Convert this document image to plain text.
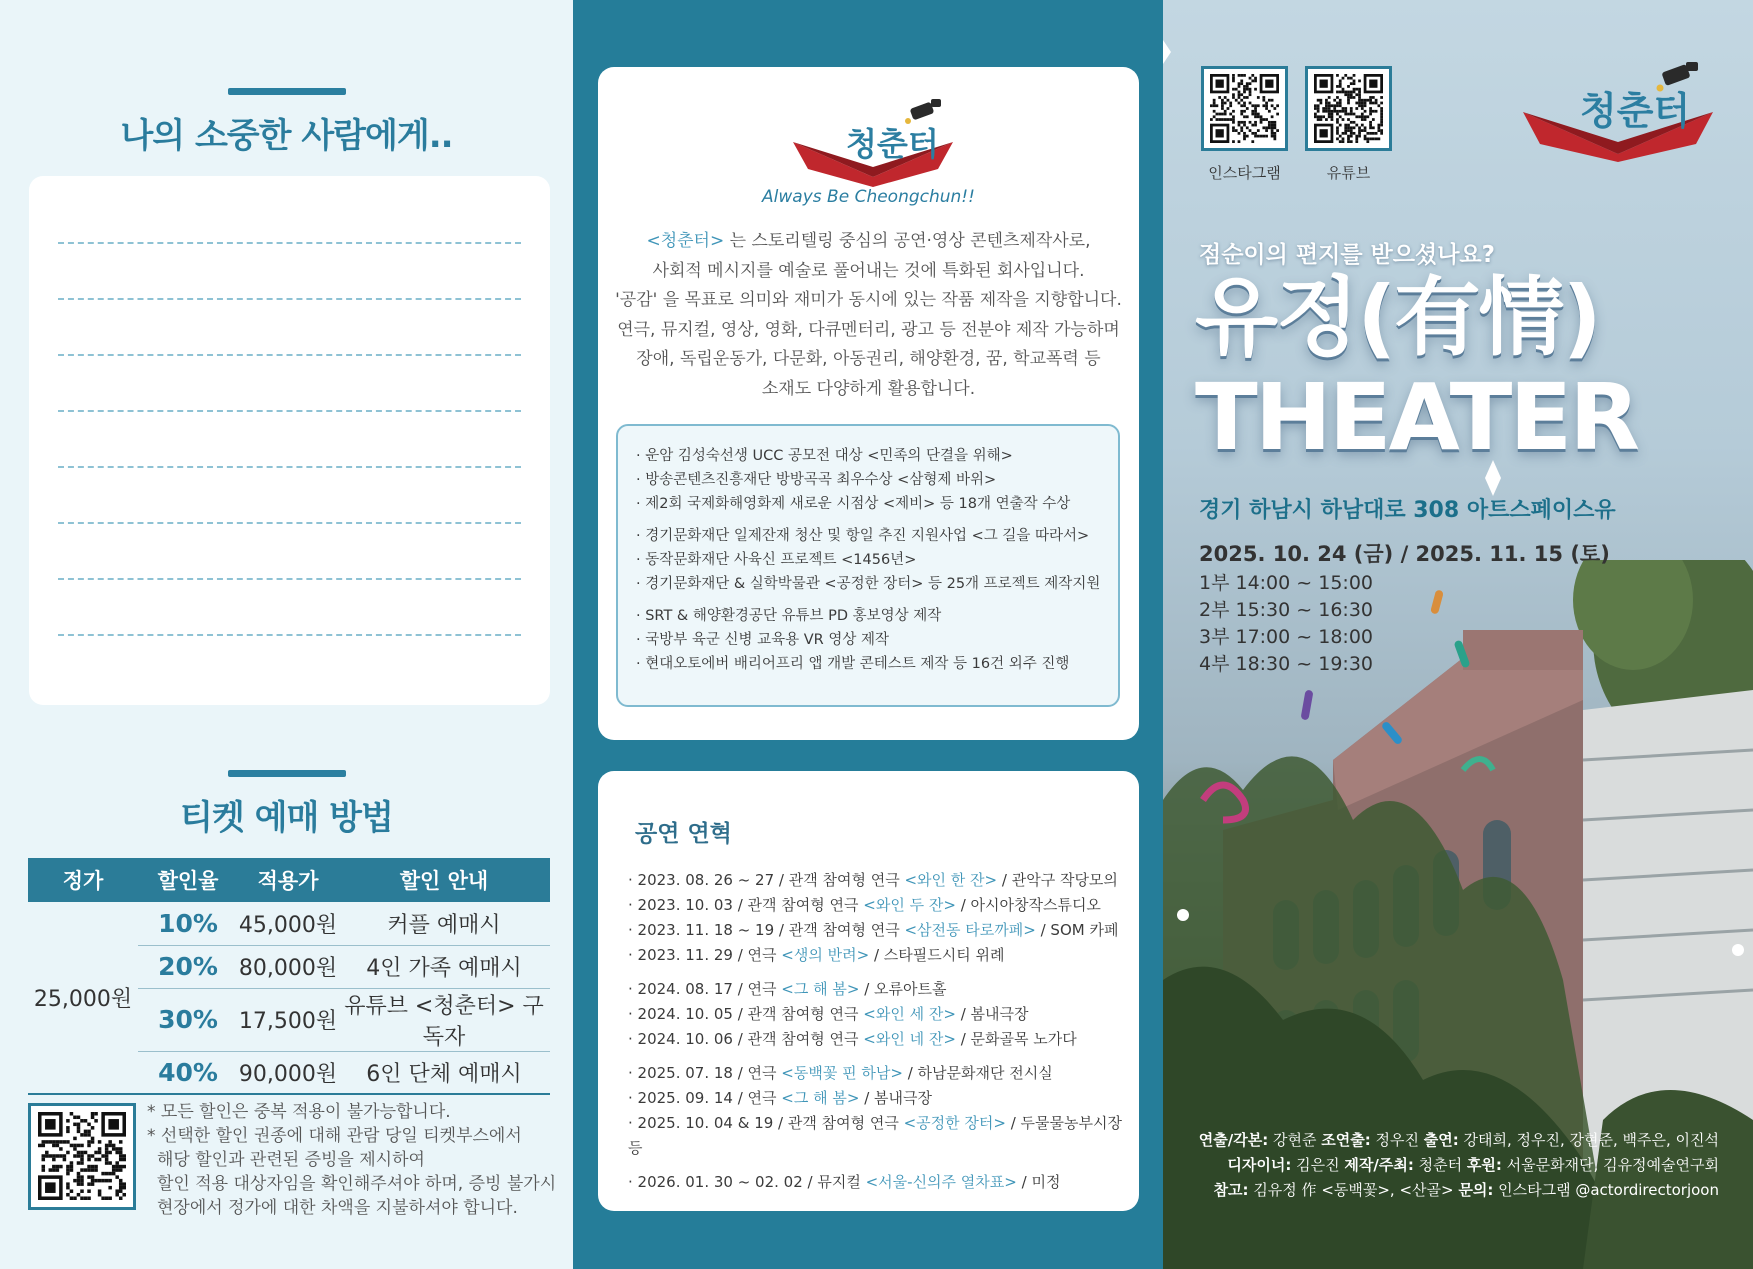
나의 소중한 사람에게..
티켓 예매 방법
정가	할인율	적용가	할인 안내
25,000원	10%	45,000원	커플 예매시
	20%	80,000원	4인 가족 예매시
	30%	17,500원	유튜브 <청춘터> 구독자
	40%	90,000원	6인 단체 예매시
* 모든 할인은 중복 적용이 불가능합니다.
* 선택한 할인 권종에 대해 관람 당일 티켓부스에서
해당 할인과 관련된 증빙을 제시하여
할인 적용 대상자임을 확인해주셔야 하며, 증빙 불가시
현장에서 정가에 대한 차액을 지불하셔야 합니다.
청춘터
Always Be Cheongchun!!
<청춘터> 는 스토리텔링 중심의 공연·영상 콘텐츠제작사로,
사회적 메시지를 예술로 풀어내는 것에 특화된 회사입니다.
'공감' 을 목표로 의미와 재미가 동시에 있는 작품 제작을 지향합니다.
연극, 뮤지컬, 영상, 영화, 다큐멘터리, 광고 등 전분야 제작 가능하며
장애, 독립운동가, 다문화, 아동권리, 해양환경, 꿈, 학교폭력 등
소재도 다양하게 활용합니다.
· 운암 김성숙선생 UCC 공모전 대상 <민족의 단결을 위해>
· 방송콘텐츠진흥재단 방방곡곡 최우수상 <삼형제 바위>
· 제2회 국제화해영화제 새로운 시점상 <제비> 등 18개 연출작 수상
· 경기문화재단 일제잔재 청산 및 항일 추진 지원사업 <그 길을 따라서>
· 동작문화재단 사육신 프로젝트 <1456년>
· 경기문화재단 & 실학박물관 <공정한 장터> 등 25개 프로젝트 제작지원
· SRT & 해양환경공단 유튜브 PD 홍보영상 제작
· 국방부 육군 신병 교육용 VR 영상 제작
· 현대오토에버 배리어프리 앱 개발 콘테스트 제작 등 16건 외주 진행
공연 연혁
· 2023. 08. 26 ~ 27 / 관객 참여형 연극 <와인 한 잔> / 관악구 작당모의
· 2023. 10. 03 / 관객 참여형 연극 <와인 두 잔> / 아시아창작스튜디오
· 2023. 11. 18 ~ 19 / 관객 참여형 연극 <삼전동 타로까페> / SOM 카페
· 2023. 11. 29 / 연극 <생의 반려> / 스타필드시티 위례
· 2024. 08. 17 / 연극 <그 해 봄> / 오류아트홀
· 2024. 10. 05 / 관객 참여형 연극 <와인 세 잔> / 봄내극장
· 2024. 10. 06 / 관객 참여형 연극 <와인 네 잔> / 문화골목 노가다
· 2025. 07. 18 / 연극 <동백꽃 핀 하남> / 하남문화재단 전시실
· 2025. 09. 14 / 연극 <그 해 봄> / 봄내극장
· 2025. 10. 04 & 19 / 관객 참여형 연극 <공정한 장터> / 두물물농부시장 등
· 2026. 01. 30 ~ 02. 02 / 뮤지컬 <서울-신의주 열차표> / 미정
인스타그램	유튜브
청춘터
점순이의 편지를 받으셨나요?
유정(有情)
THEATER
경기 하남시 하남대로 308 아트스페이스유
2025. 10. 24 (금) / 2025. 11. 15 (토)
1부 14:00 ~ 15:00
2부 15:30 ~ 16:30
3부 17:00 ~ 18:00
4부 18:30 ~ 19:30
연출/각본: 강현준 조연출: 정우진 출연: 강태희, 정우진, 강현준, 백주은, 이진석
디자이너: 김은진 제작/주최: 청춘터 후원: 서울문화재단, 김유정예술연구회
참고: 김유정 作 <동백꽃>, <산골> 문의: 인스타그램 @actordirectorjoon
